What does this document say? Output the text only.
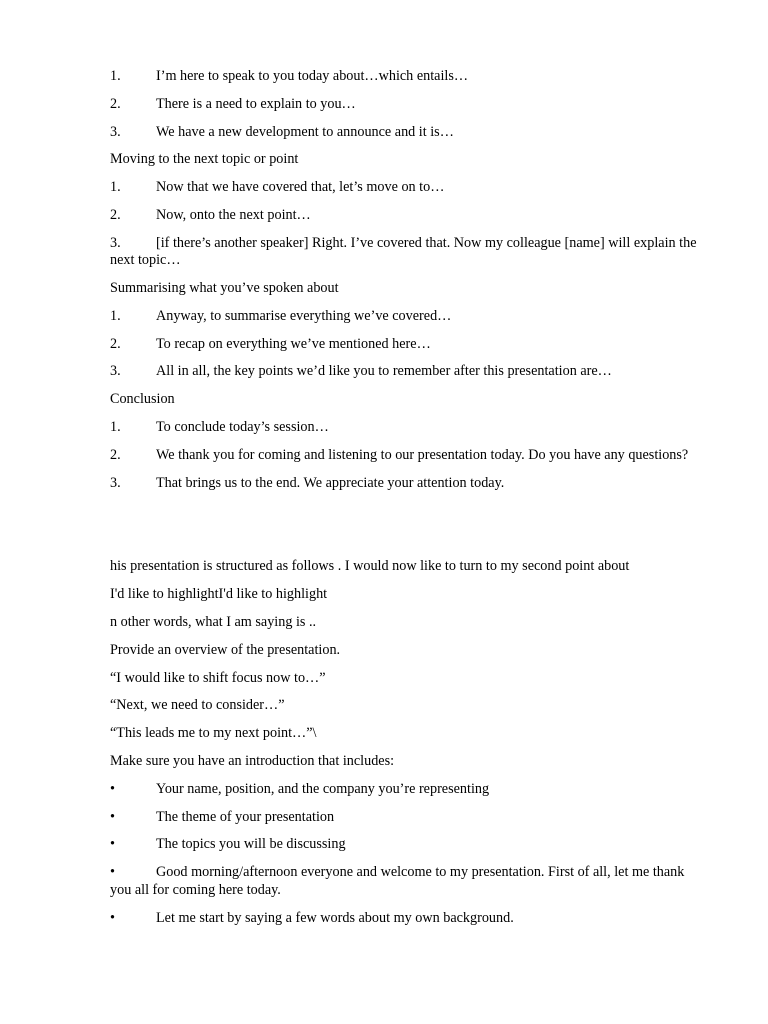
1.	I’m here to speak to you today about…which entails…
2.	There is a need to explain to you…
3.	We have a new development to announce and it is…
Moving to the next topic or point
1.	Now that we have covered that, let’s move on to…
2.	Now, onto the next point…
3. [if there’s another speaker] Right. I’ve covered that. Now my colleague [name] will explain the next topic…
Summarising what you’ve spoken about
1.	Anyway, to summarise everything we’ve covered…
2.	To recap on everything we’ve mentioned here…
3.	All in all, the key points we’d like you to remember after this presentation are…
Conclusion
1.	To conclude today’s session…
2. We thank you for coming and listening to our presentation today. Do you have any questions?
3.	That brings us to the end. We appreciate your attention today.
his presentation is structured as follows . I would now like to turn to my second point about
I'd like to highlightI'd like to highlight
n other words, what I am saying is ..
Provide an overview of the presentation.
“I would like to shift focus now to…”
“Next, we need to consider…”
“This leads me to my next point…”\
Make sure you have an introduction that includes:
•	Your name, position, and the company you’re representing
•	The theme of your presentation
•	The topics you will be discussing
•	Good morning/afternoon everyone and welcome to my presentation. First of all, let me thank you all for coming here today.
•	Let me start by saying a few words about my own background.
